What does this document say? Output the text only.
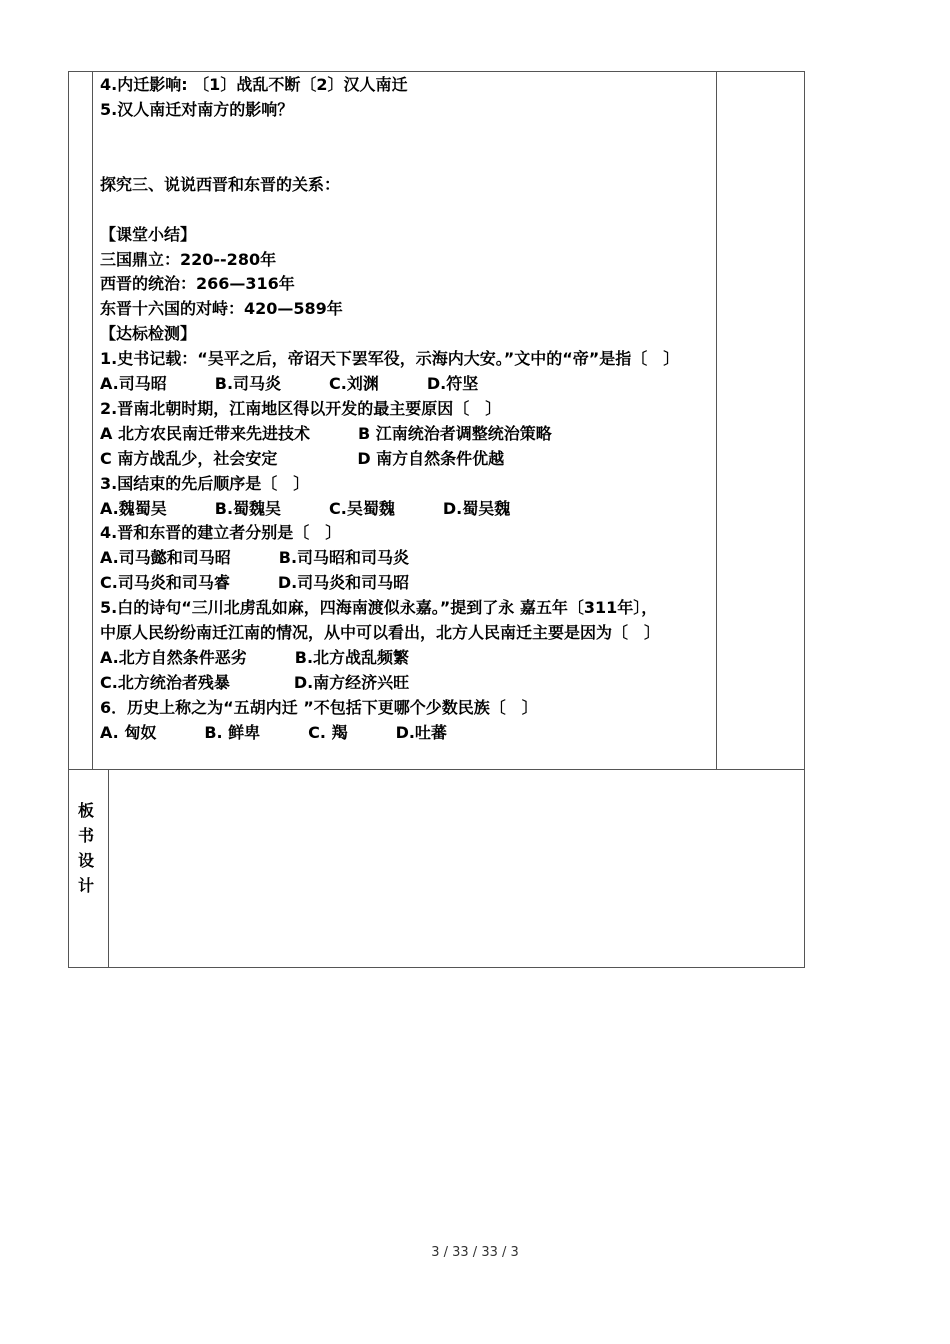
4.内迁影响: 〔1〕战乱不断〔2〕汉人南迁
5.汉人南迁对南方的影响？
探究三、说说西晋和东晋的关系：
【课堂小结】
三国鼎立：220--280年
西晋的统治：266—316年
东晋十六国的对峙：420—589年
【达标检测】
1.史书记载：“吴平之后，帝诏天下罢军役，示海内大安。”文中的“帝”是指〔　〕
A.司马昭　　　B.司马炎　　　C.刘渊　　　D.符坚
2.晋南北朝时期，江南地区得以开发的最主要原因〔　〕
A 北方农民南迁带来先进技术　　　B 江南统治者调整统治策略
C 南方战乱少，社会安定　　　　　D 南方自然条件优越
3.国结束的先后顺序是〔　〕
A.魏蜀吴　　　B.蜀魏吴　　　C.吴蜀魏　　　D.蜀吴魏
4.晋和东晋的建立者分别是〔　〕
A.司马懿和司马昭　　　B.司马昭和司马炎
C.司马炎和司马睿　　　D.司马炎和司马昭
5.白的诗句“三川北虏乱如麻，四海南渡似永嘉。”提到了永 嘉五年〔311年〕，
中原人民纷纷南迁江南的情况，从中可以看出，北方人民南迁主要是因为〔　〕
A.北方自然条件恶劣　　　B.北方战乱频繁
C.北方统治者残暴　　　　D.南方经济兴旺
6．历史上称之为“五胡内迁 ”不包括下更哪个少数民族〔　〕
A. 匈奴　　　B. 鲜卑　　　C. 羯　　　D.吐蕃
板
书
设
计
3 / 33 / 33 / 3
